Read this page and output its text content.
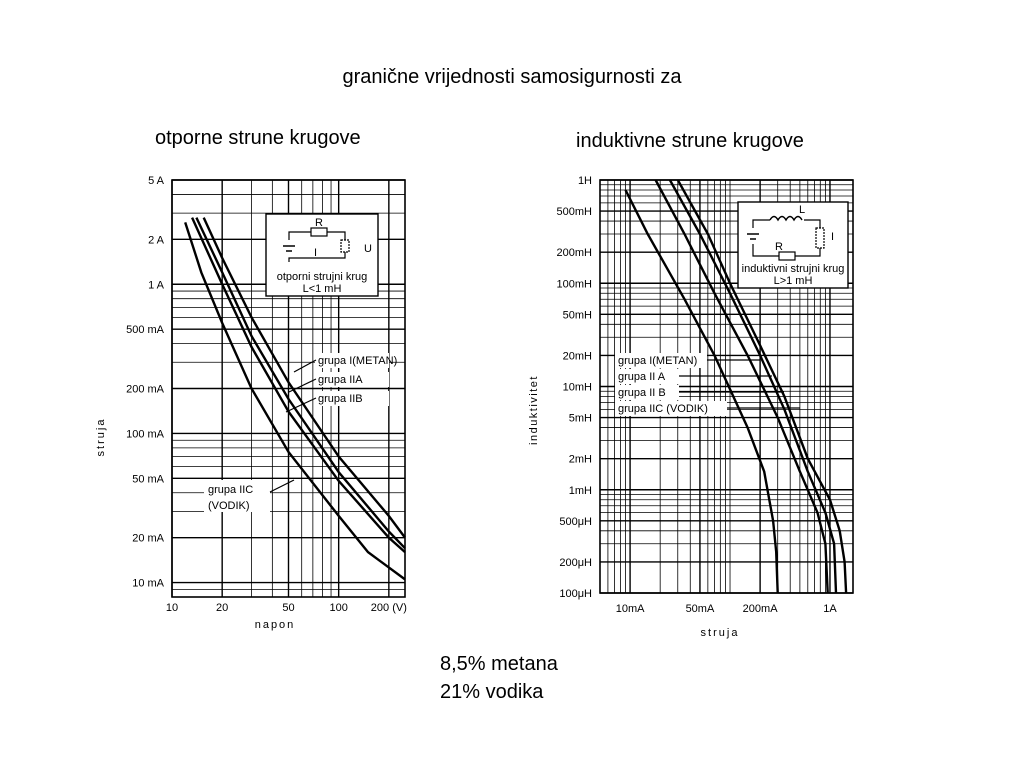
granične vrijednosti samosigurnosti za
otporne strune krugove	induktivne strune krugove
10	20	50	100 200 (V)
5 A
2 A
1 A
500 mA
200 mA
100 mA
50 mA
20 mA
10 mA
napon
struja
R
U
I
otporni strujni krug
L<1 mH
grupa I(METAN)
grupa IIA
grupa IIB
grupa IIC
(VODIK)
10mA	50mA	200mA	1A
1H
500mH
200mH
100mH
50mH
20mH
10mH
5mH
2mH
1mH
500μH
200μH
100μH
struja
induktivitet
L
R
I
induktivni strujni krug
L>1 mH
grupa I(METAN)
grupa II A
grupa II B
grupa IIC (VODIK)
8,5% metana
21% vodika
